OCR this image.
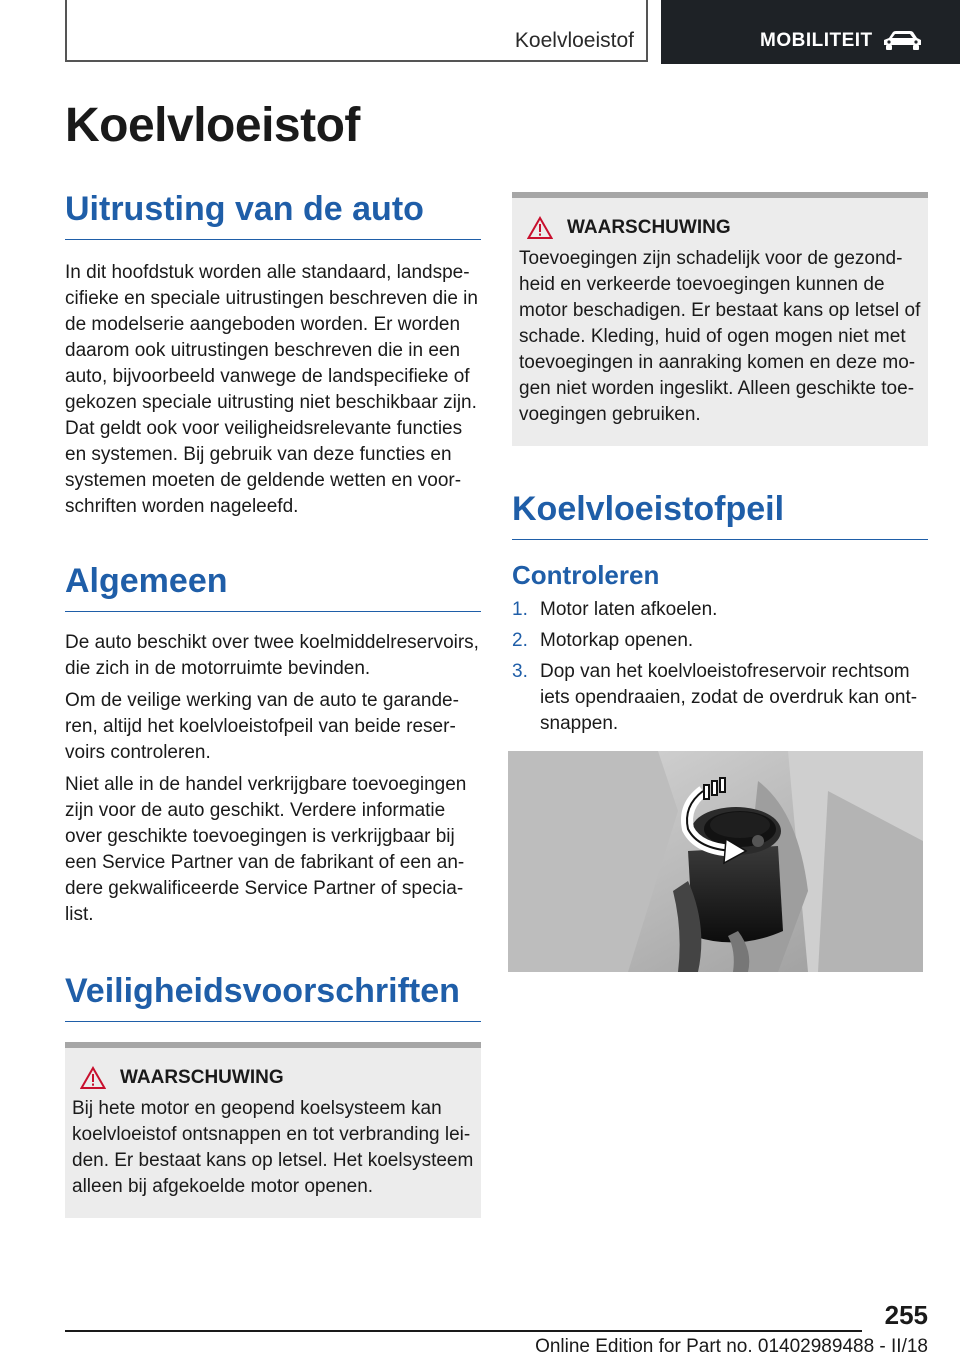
Koelvloeistof	MOBILITEIT
Koelvloeistof
Uitrusting van de auto

In dit hoofdstuk worden alle standaard, landspecifieke en speciale uitrustingen beschreven die in de modelserie aangeboden worden. Er worden daarom ook uitrustingen beschreven die in een auto, bijvoorbeeld vanwege de landspecifieke of gekozen speciale uitrusting niet beschikbaar zijn. Dat geldt ook voor veiligheidsrelevante functies en systemen. Bij gebruik van deze functies en systemen moeten de geldende wetten en voorschriften worden nageleefd.

Algemeen

De auto beschikt over twee koelmiddelreservoirs, die zich in de motorruimte bevinden.

Om de veilige werking van de auto te garanderen, altijd het koelvloeistofpeil van beide reservoirs controleren.

Niet alle in de handel verkrijgbare toevoegingen zijn voor de auto geschikt. Verdere informatie over geschikte toevoegingen is verkrijgbaar bij een Service Partner van de fabrikant of een andere gekwalificeerde Service Partner of specialist.

Veiligheidsvoorschriften
WAARSCHUWING

Bij hete motor en geopend koelsysteem kan koelvloeistof ontsnappen en tot verbranding leiden. Er bestaat kans op letsel. Het koelsysteem alleen bij afgekoelde motor openen.

WAARSCHUWING

Toevoegingen zijn schadelijk voor de gezondheid en verkeerde toevoegingen kunnen de motor beschadigen. Er bestaat kans op letsel of schade. Kleding, huid of ogen mogen niet met toevoegingen in aanraking komen en deze mogen niet worden ingeslikt. Alleen geschikte toevoegingen gebruiken.

Koelvloeistofpeil
Controleren
1. Motor laten afkoelen.
2. Motorkap openen.
3. Dop van het koelvloeistofreservoir rechtsom iets opendraaien, zodat de overdruk kan ontsnappen.
255
Online Edition for Part no. 01402989488 - II/18
